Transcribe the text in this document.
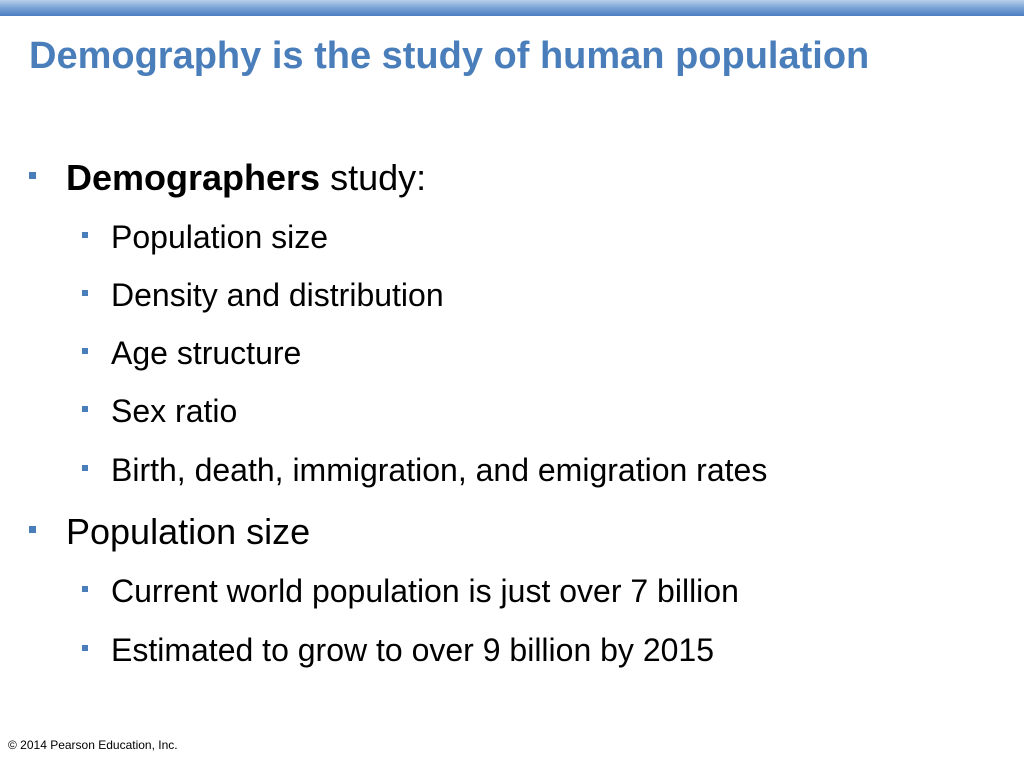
Demography is the study of human population
Demographers study:
Population size
Density and distribution
Age structure
Sex ratio
Birth, death, immigration, and emigration rates
Population size
Current world population is just over 7 billion
Estimated to grow to over 9 billion by 2015
© 2014 Pearson Education, Inc.
